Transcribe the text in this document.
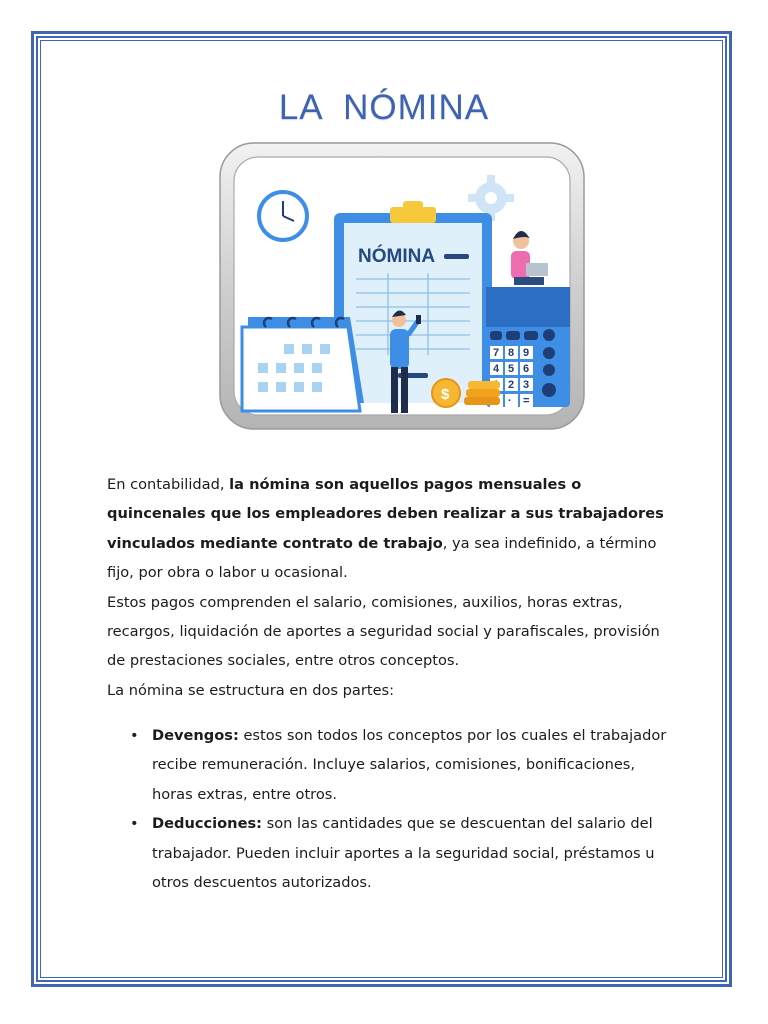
LA  NÓMINA
NÓMINA
7 8 9
4 5 6
2 3
· =
$

En contabilidad, la nómina son aquellos pagos mensuales o quincenales que los empleadores deben realizar a sus trabajadores vinculados mediante contrato de trabajo, ya sea indefinido, a término fijo, por obra o labor u ocasional.

Estos pagos comprenden el salario, comisiones, auxilios, horas extras, recargos, liquidación de aportes a seguridad social y parafiscales, provisión de prestaciones sociales, entre otros conceptos.

La nómina se estructura en dos partes:

• Devengos: estos son todos los conceptos por los cuales el trabajador recibe remuneración. Incluye salarios, comisiones, bonificaciones, horas extras, entre otros.
• Deducciones: son las cantidades que se descuentan del salario del trabajador. Pueden incluir aportes a la seguridad social, préstamos u otros descuentos autorizados.
